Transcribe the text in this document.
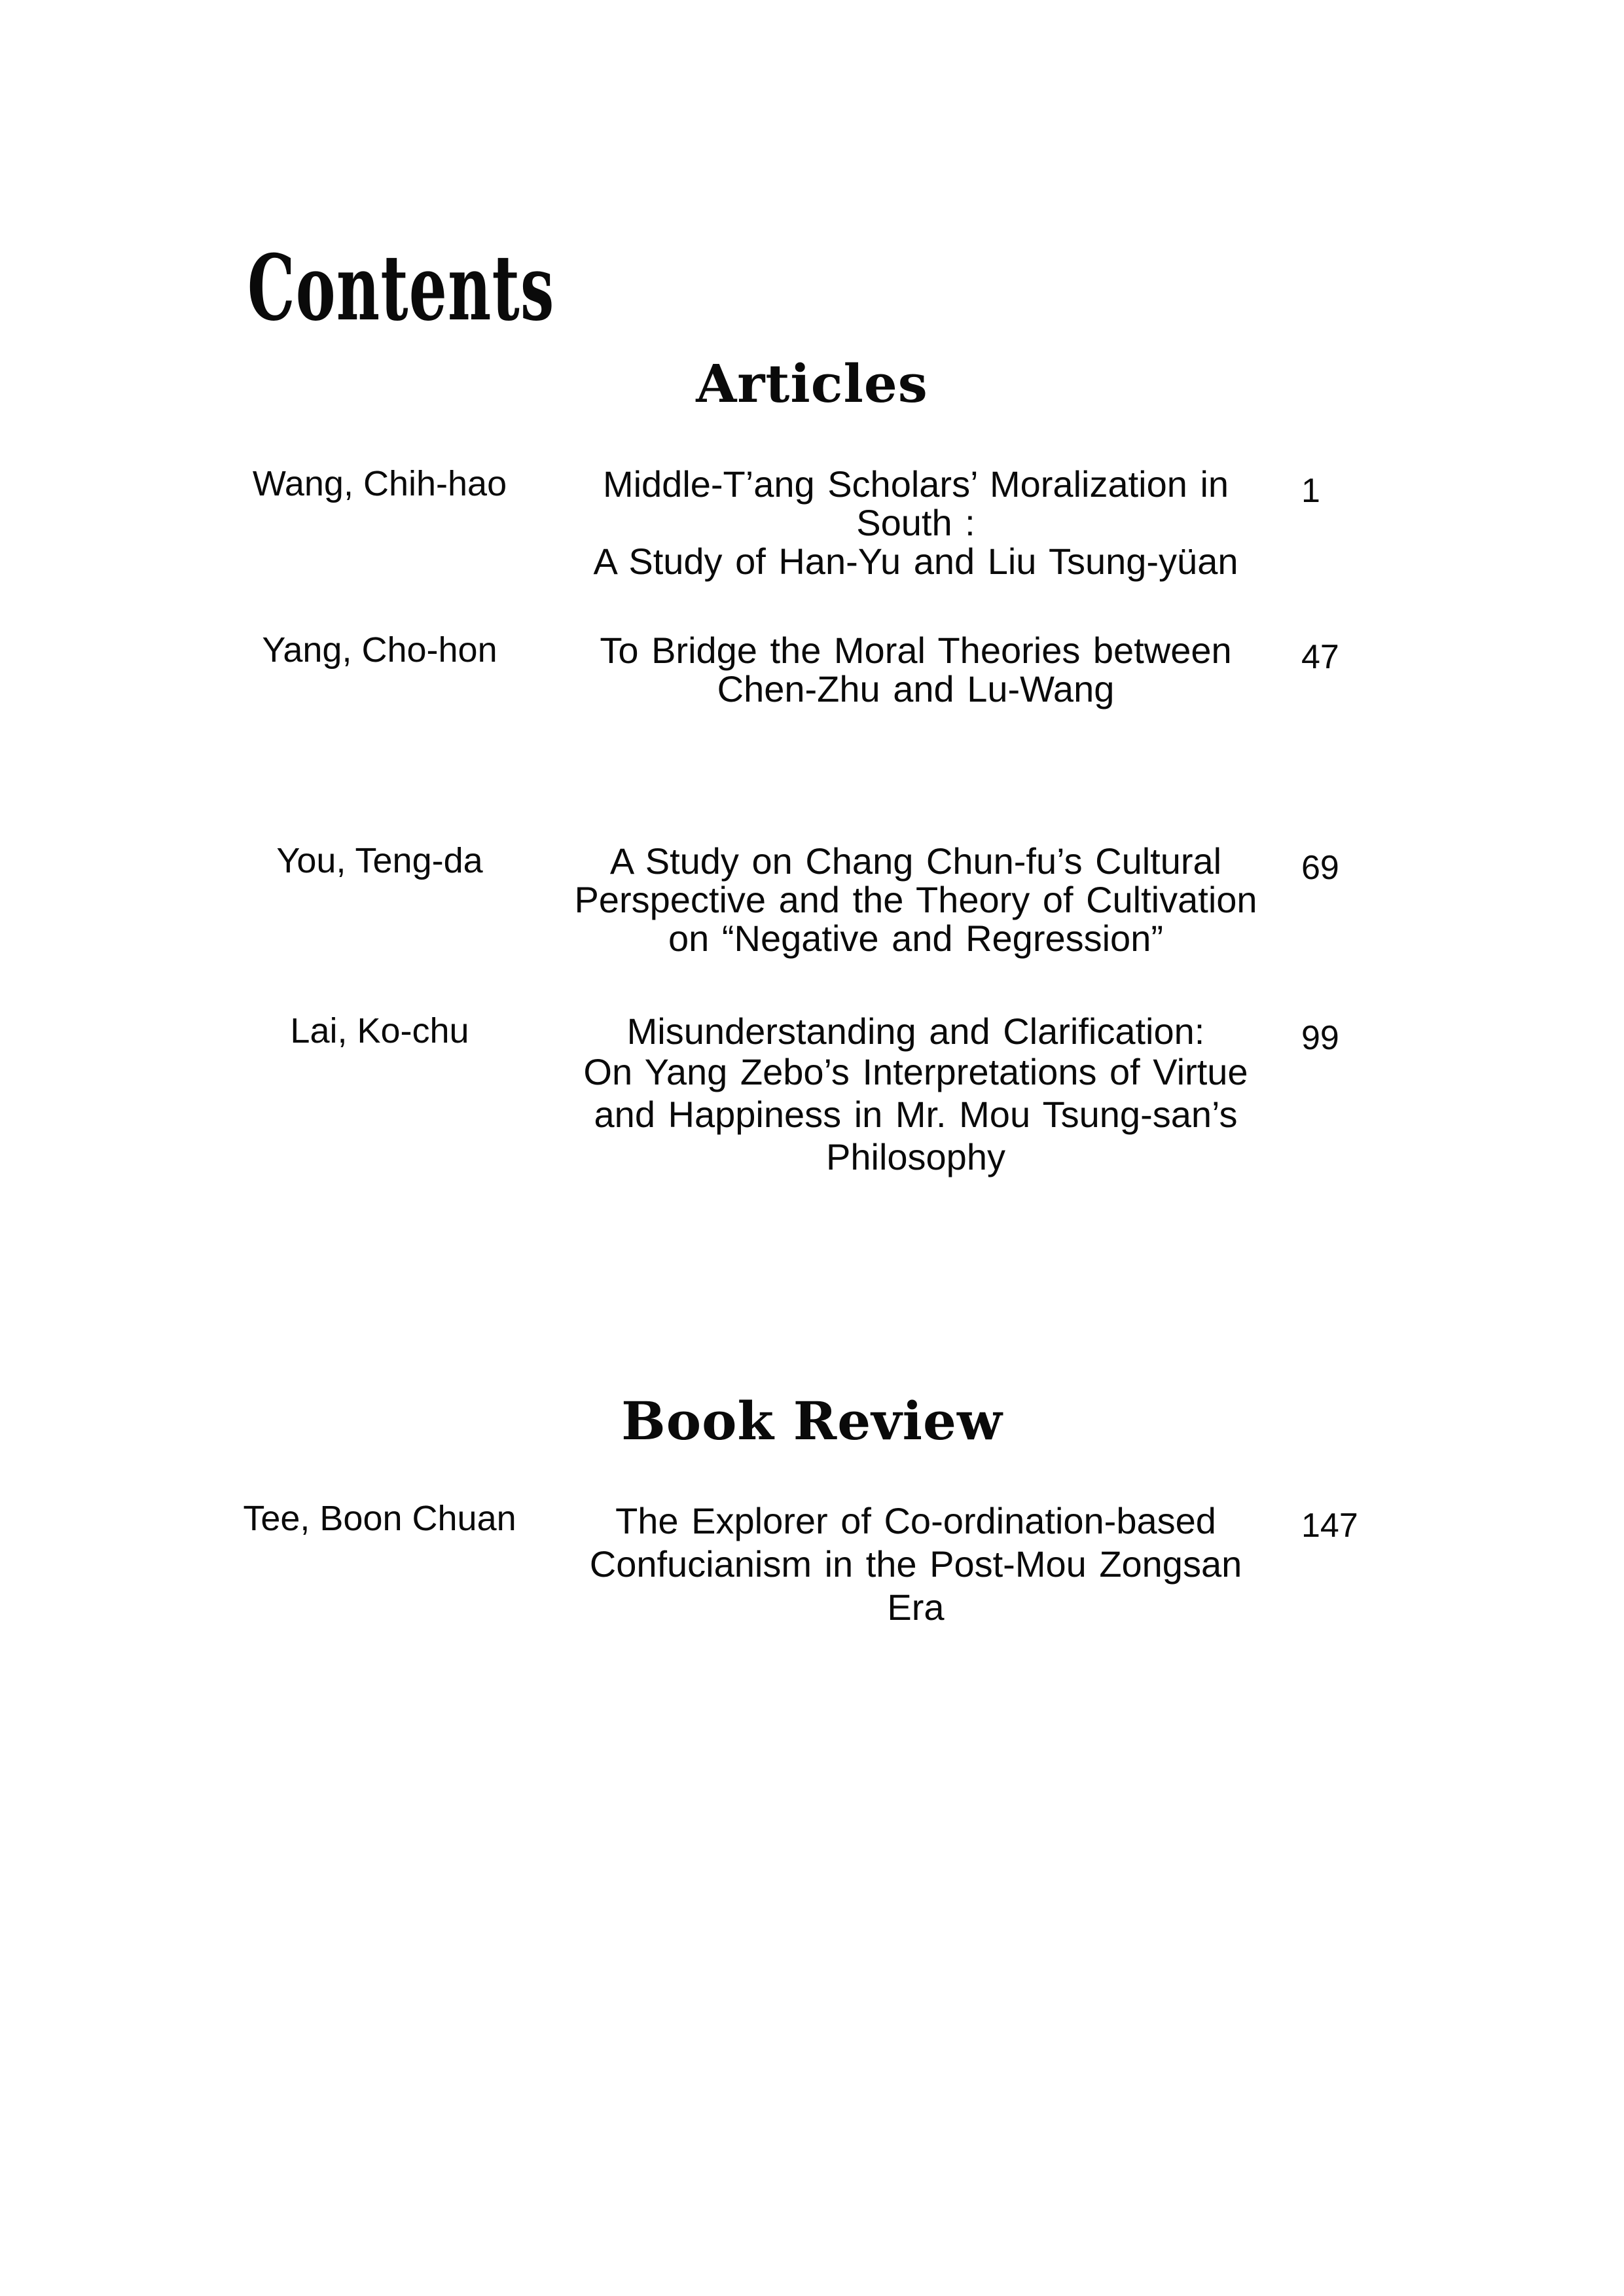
Contents
Articles
Wang, Chih-hao	Middle-T’ang Scholars’ Moralization in
South :
A Study of Han-Yu and Liu Tsung-yüan
1
Yang, Cho-hon	To Bridge the Moral Theories between
Chen-Zhu and Lu-Wang
47
You, Teng-da	A Study on Chang Chun-fu’s Cultural
Perspective and the Theory of Cultivation
on “Negative and Regression”
69
Lai, Ko-chu	Misunderstanding and Clarification:
On Yang Zebo’s Interpretations of Virtue
and Happiness in Mr. Mou Tsung-san’s
Philosophy
99
Book Review
Tee, Boon Chuan	The Explorer of Co-ordination-based
Confucianism in the Post-Mou Zongsan
Era
147
